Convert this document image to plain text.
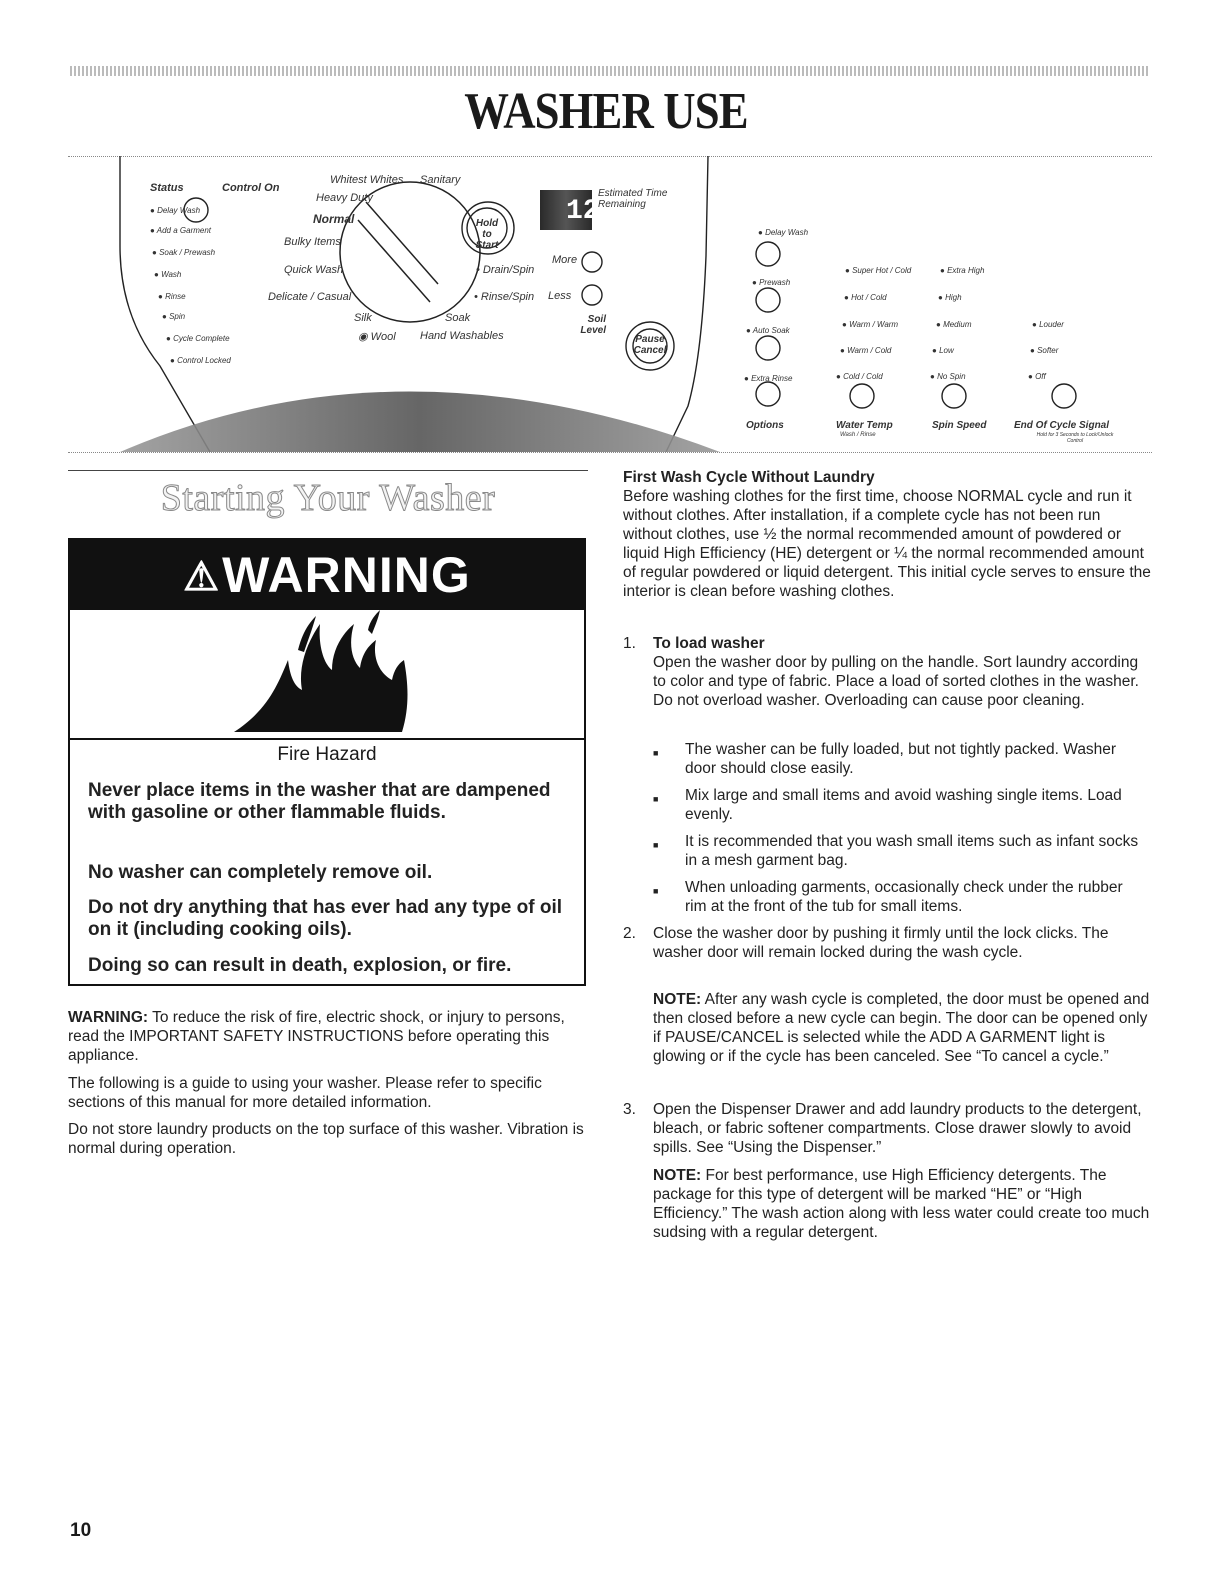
WASHER USE
Status	Control On
● Delay Wash
● Add a Garment
● Soak / Prewash
● Wash
● Rinse
● Spin
● Cycle Complete
● Control Locked
Whitest Whites Sanitary
Heavy Duty
Normal
Bulky Items
Quick Wash
Delicate / Casual
Silk
◉ Wool Hand Washables
Soak
• Rinse/Spin
• Drain/Spin
Hold to Start
12
Estimated Time Remaining
More
Less
Soil Level
Pause Cancel
● Delay Wash
● Prewash
● Auto Soak
● Extra Rinse
Options
● Super Hot / Cold
● Hot / Cold
● Warm / Warm
● Warm / Cold
● Cold / Cold
Water Temp
Wash / Rinse
● Extra High
● High
● Medium
● Low
● No Spin
Spin Speed
● Louder
● Softer
● Off
End Of Cycle Signal
Hold for 3 Seconds to Lock/Unlock Control
Starting Your Washer
⚠WARNING
Fire Hazard
Never place items in the washer that are dampened with gasoline or other flammable fluids.
No washer can completely remove oil.
Do not dry anything that has ever had any type of oil on it (including cooking oils).
Doing so can result in death, explosion, or fire.
WARNING: To reduce the risk of fire, electric shock, or injury to persons, read the IMPORTANT SAFETY INSTRUCTIONS before operating this appliance.
The following is a guide to using your washer. Please refer to specific sections of this manual for more detailed information.
Do not store laundry products on the top surface of this washer. Vibration is normal during operation.
First Wash Cycle Without Laundry
Before washing clothes for the first time, choose NORMAL cycle and run it without clothes. After installation, if a complete cycle has not been run without clothes, use ½ the normal recommended amount of powdered or liquid High Efficiency (HE) detergent or ¼ the normal recommended amount of regular powdered or liquid detergent. This initial cycle serves to ensure the interior is clean before washing clothes.
1. To load washer
Open the washer door by pulling on the handle. Sort laundry according to color and type of fabric. Place a load of sorted clothes in the washer. Do not overload washer. Overloading can cause poor cleaning.
■ The washer can be fully loaded, but not tightly packed. Washer door should close easily.
■ Mix large and small items and avoid washing single items. Load evenly.
■ It is recommended that you wash small items such as infant socks in a mesh garment bag.
■ When unloading garments, occasionally check under the rubber rim at the front of the tub for small items.
2. Close the washer door by pushing it firmly until the lock clicks. The washer door will remain locked during the wash cycle.
NOTE: After any wash cycle is completed, the door must be opened and then closed before a new cycle can begin. The door can be opened only if PAUSE/CANCEL is selected while the ADD A GARMENT light is glowing or if the cycle has been canceled. See “To cancel a cycle.”
3. Open the Dispenser Drawer and add laundry products to the detergent, bleach, or fabric softener compartments. Close drawer slowly to avoid spills. See “Using the Dispenser.”
NOTE: For best performance, use High Efficiency detergents. The package for this type of detergent will be marked “HE” or “High Efficiency.” The wash action along with less water could create too much sudsing with a regular detergent.
10
